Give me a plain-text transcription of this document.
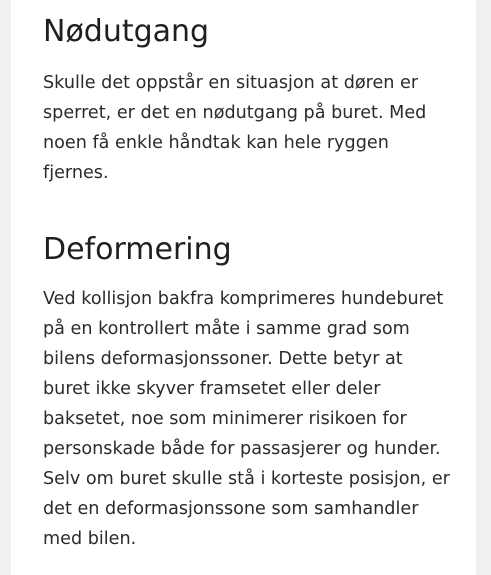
Nødutgang

Skulle det oppstår en situasjon at døren er
sperret, er det en nødutgang på buret. Med
noen få enkle håndtak kan hele ryggen
fjernes.

Deformering

Ved kollisjon bakfra komprimeres hundeburet
på en kontrollert måte i samme grad som
bilens deformasjonssoner. Dette betyr at
buret ikke skyver framsetet eller deler
baksetet, noe som minimerer risikoen for
personskade både for passasjerer og hunder.
Selv om buret skulle stå i korteste posisjon, er
det en deformasjonssone som samhandler
med bilen.
